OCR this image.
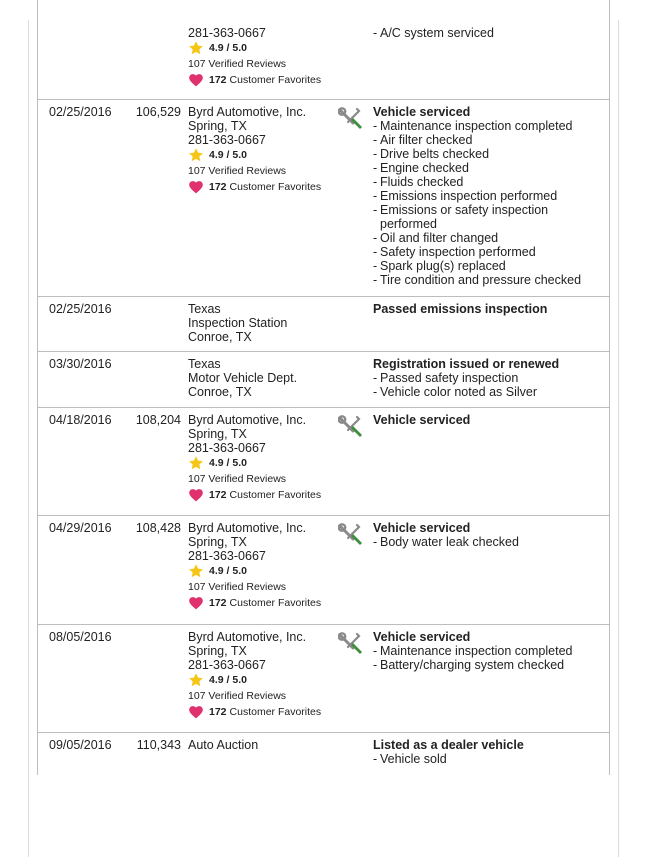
281-363-0667
4.9 / 5.0
107 Verified Reviews
172 Customer Favorites
- A/C system serviced
02/25/2016	106,529 Byrd Automotive, Inc.
Spring, TX
281-363-0667
4.9 / 5.0
107 Verified Reviews
172 Customer Favorites
Vehicle serviced
- Maintenance inspection completed
- Air filter checked
- Drive belts checked
- Engine checked
- Fluids checked
- Emissions inspection performed
- Emissions or safety inspection performed
- Oil and filter changed
- Safety inspection performed
- Spark plug(s) replaced
- Tire condition and pressure checked
02/25/2016	Texas
Inspection Station
Conroe, TX
Passed emissions inspection
03/30/2016	Texas
Motor Vehicle Dept.
Conroe, TX
Registration issued or renewed
- Passed safety inspection
- Vehicle color noted as Silver
04/18/2016	108,204 Byrd Automotive, Inc.
Spring, TX
281-363-0667
4.9 / 5.0
107 Verified Reviews
172 Customer Favorites
Vehicle serviced
04/29/2016	108,428 Byrd Automotive, Inc.
Spring, TX
281-363-0667
4.9 / 5.0
107 Verified Reviews
172 Customer Favorites
Vehicle serviced
- Body water leak checked
08/05/2016	Byrd Automotive, Inc.
Spring, TX
281-363-0667
4.9 / 5.0
107 Verified Reviews
172 Customer Favorites
Vehicle serviced
- Maintenance inspection completed
- Battery/charging system checked
09/05/2016	110,343 Auto Auction	Listed as a dealer vehicle
- Vehicle sold
